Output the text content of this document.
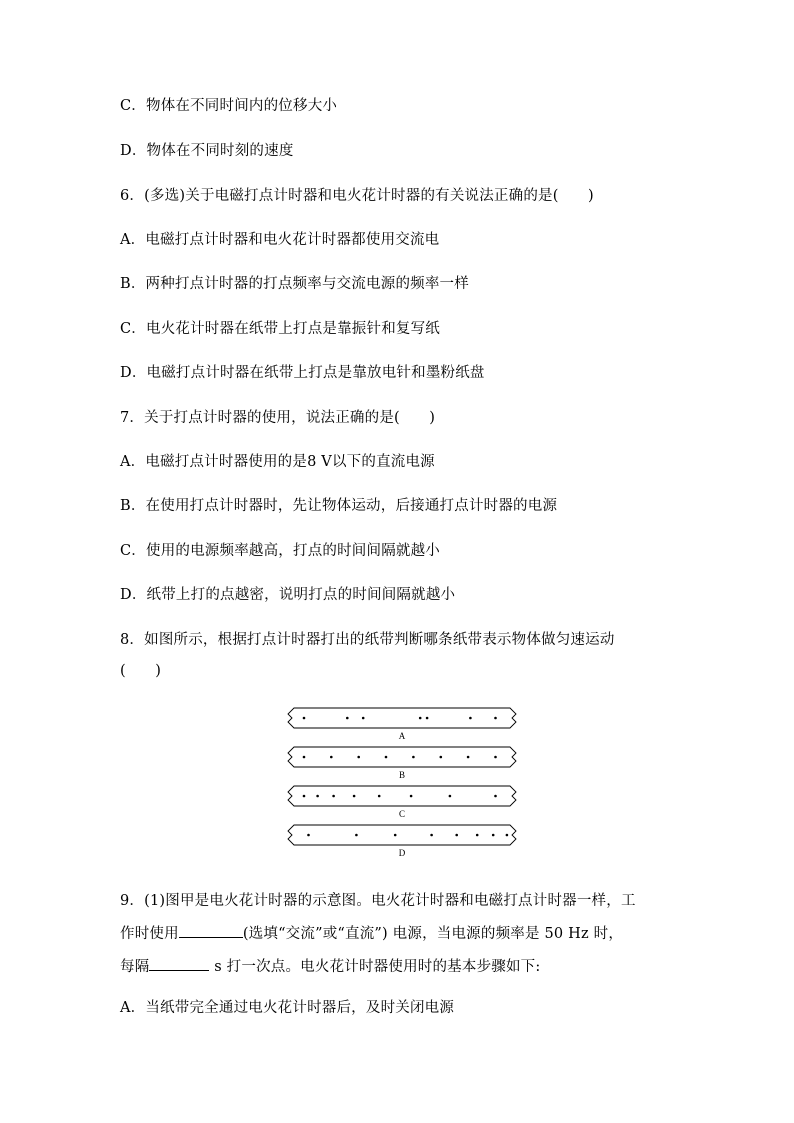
C．物体在不同时间内的位移大小
D．物体在不同时刻的速度
6．(多选)关于电磁打点计时器和电火花计时器的有关说法正确的是(　　)
A．电磁打点计时器和电火花计时器都使用交流电
B．两种打点计时器的打点频率与交流电源的频率一样
C．电火花计时器在纸带上打点是靠振针和复写纸
D．电磁打点计时器在纸带上打点是靠放电针和墨粉纸盘
7．关于打点计时器的使用，说法正确的是(　　)
A．电磁打点计时器使用的是8 V以下的直流电源
B．在使用打点计时器时，先让物体运动，后接通打点计时器的电源
C．使用的电源频率越高，打点的时间间隔就越小
D．纸带上打的点越密，说明打点的时间间隔就越小
8．如图所示，根据打点计时器打出的纸带判断哪条纸带表示物体做匀速运动
(　　)
A
B
C
D
9．(1)图甲是电火花计时器的示意图。电火花计时器和电磁打点计时器一样，工
作时使用	(选填“交流”或“直流”) 电源，当电源的频率是 50 Hz 时，
每隔	s 打一次点。电火花计时器使用时的基本步骤如下:
A．当纸带完全通过电火花计时器后，及时关闭电源
